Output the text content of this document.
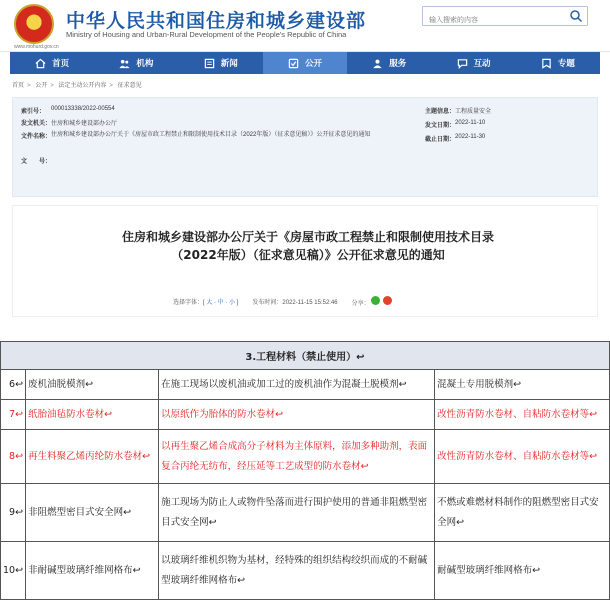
★ 中华人民共和国住房和城乡建设部
Ministry of Housing and Urban-Rural Development of the People's Republic of China
www.mohurd.gov.cn
输入搜索的内容
首页	机构	新闻	公开	服务	互动	专题
首页 > 公开 > 法定主动公开内容 > 征求意见
索引号： 000013338/2022-00554
发文机关： 住房和城乡建设部办公厅
文件名称： 住房和城乡建设部办公厅关于《房屋市政工程禁止和限制使用技术目录（2022年版）（征求意见稿）》公开征求意见的通知
文　　号：
主题信息： 工程质量安全
发文日期： 2022-11-10
截止日期： 2022-11-30
住房和城乡建设部办公厅关于《房屋市政工程禁止和限制使用技术目录（2022年版）（征求意见稿）》公开征求意见的通知
选择字体：[ 大 · 中 · 小 ] 发布时间：2022-11-15 15:52:46 分享：
3.工程材料（禁止使用）↩			
6↩	废机油脱模剂↩	在施工现场以废机油或加工过的废机油作为混凝土脱模剂↩	混凝土专用脱模剂↩
7↩	纸胎油毡防水卷材↩	以原纸作为胎体的防水卷材↩	改性沥青防水卷材、自粘防水卷材等↩
8↩	再生料聚乙烯丙纶防水卷材↩	以再生聚乙烯合成高分子材料为主体原料，添加多种助剂，表面复合丙纶无纺布，经压延等工艺成型的防水卷材↩	改性沥青防水卷材、自粘防水卷材等↩
9↩	非阻燃型密目式安全网↩	施工现场为防止人或物件坠落而进行围护使用的普通非阻燃型密目式安全网↩	不燃或难燃材料制作的阻燃型密目式安全网↩
10↩	非耐碱型玻璃纤维网格布↩	以玻璃纤维机织物为基材，经特殊的组织结构绞织而成的不耐碱型玻璃纤维网格布↩	耐碱型玻璃纤维网格布↩
